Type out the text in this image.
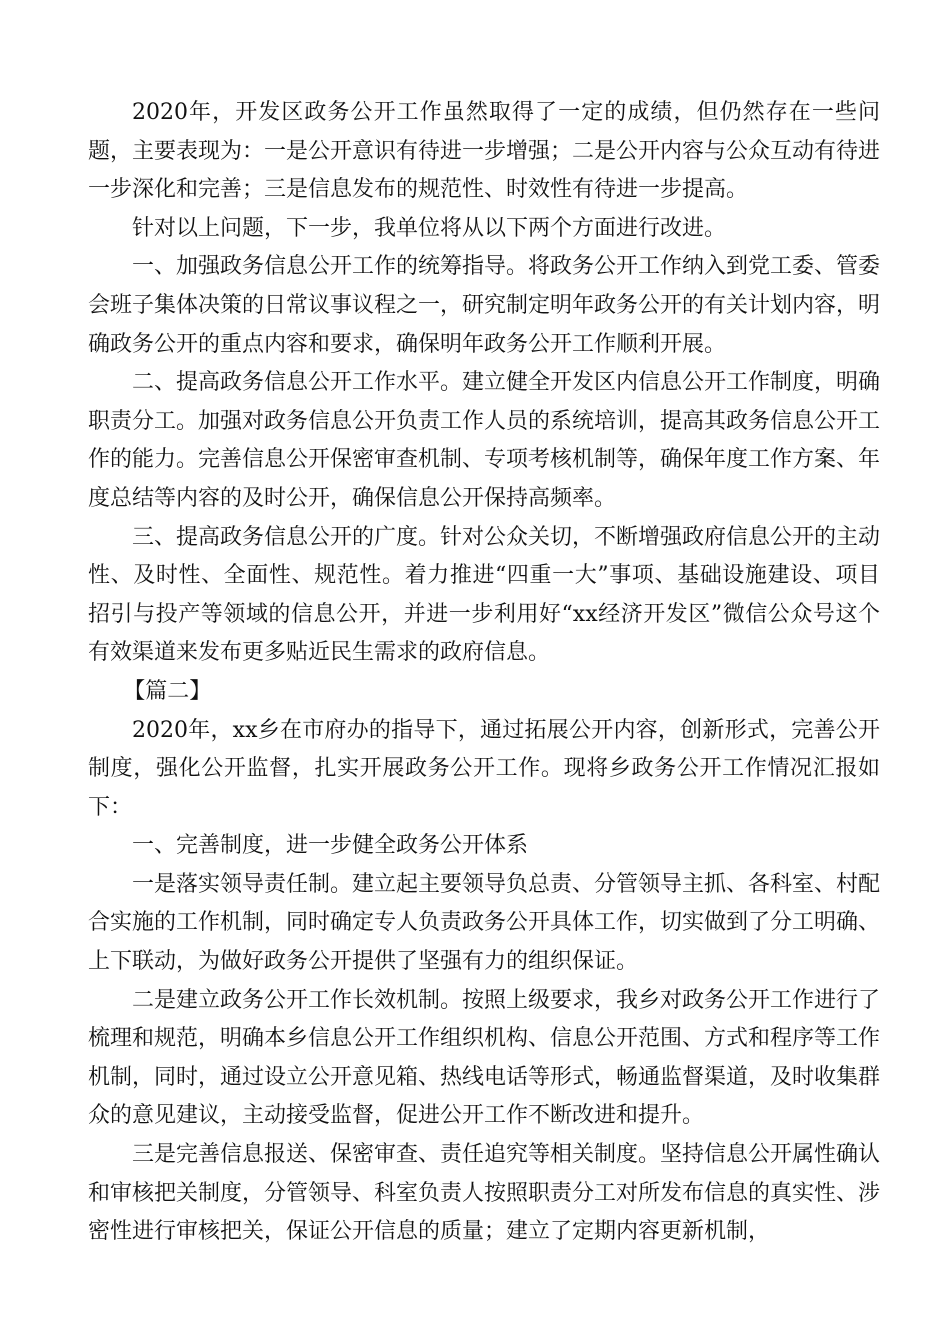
2020年，开发区政务公开工作虽然取得了一定的成绩，但仍然存在一些问题，主要表现为：一是公开意识有待进一步增强；二是公开内容与公众互动有待进一步深化和完善；三是信息发布的规范性、时效性有待进一步提高。

针对以上问题，下一步，我单位将从以下两个方面进行改进。

一、加强政务信息公开工作的统筹指导。将政务公开工作纳入到党工委、管委会班子集体决策的日常议事议程之一，研究制定明年政务公开的有关计划内容，明确政务公开的重点内容和要求，确保明年政务公开工作顺利开展。

二、提高政务信息公开工作水平。建立健全开发区内信息公开工作制度，明确职责分工。加强对政务信息公开负责工作人员的系统培训，提高其政务信息公开工作的能力。完善信息公开保密审查机制、专项考核机制等，确保年度工作方案、年度总结等内容的及时公开，确保信息公开保持高频率。

三、提高政务信息公开的广度。针对公众关切，不断增强政府信息公开的主动性、及时性、全面性、规范性。着力推进“四重一大”事项、基础设施建设、项目招引与投产等领域的信息公开，并进一步利用好“xx经济开发区”微信公众号这个有效渠道来发布更多贴近民生需求的政府信息。

【篇二】

2020年，xx乡在市府办的指导下，通过拓展公开内容，创新形式，完善公开制度，强化公开监督，扎实开展政务公开工作。现将乡政务公开工作情况汇报如下：

一、完善制度，进一步健全政务公开体系

一是落实领导责任制。建立起主要领导负总责、分管领导主抓、各科室、村配合实施的工作机制，同时确定专人负责政务公开具体工作，切实做到了分工明确、上下联动，为做好政务公开提供了坚强有力的组织保证。

二是建立政务公开工作长效机制。按照上级要求，我乡对政务公开工作进行了梳理和规范，明确本乡信息公开工作组织机构、信息公开范围、方式和程序等工作机制，同时，通过设立公开意见箱、热线电话等形式，畅通监督渠道，及时收集群众的意见建议，主动接受监督，促进公开工作不断改进和提升。

三是完善信息报送、保密审查、责任追究等相关制度。坚持信息公开属性确认和审核把关制度，分管领导、科室负责人按照职责分工对所发布信息的真实性、涉密性进行审核把关，保证公开信息的质量；建立了定期内容更新机制，
